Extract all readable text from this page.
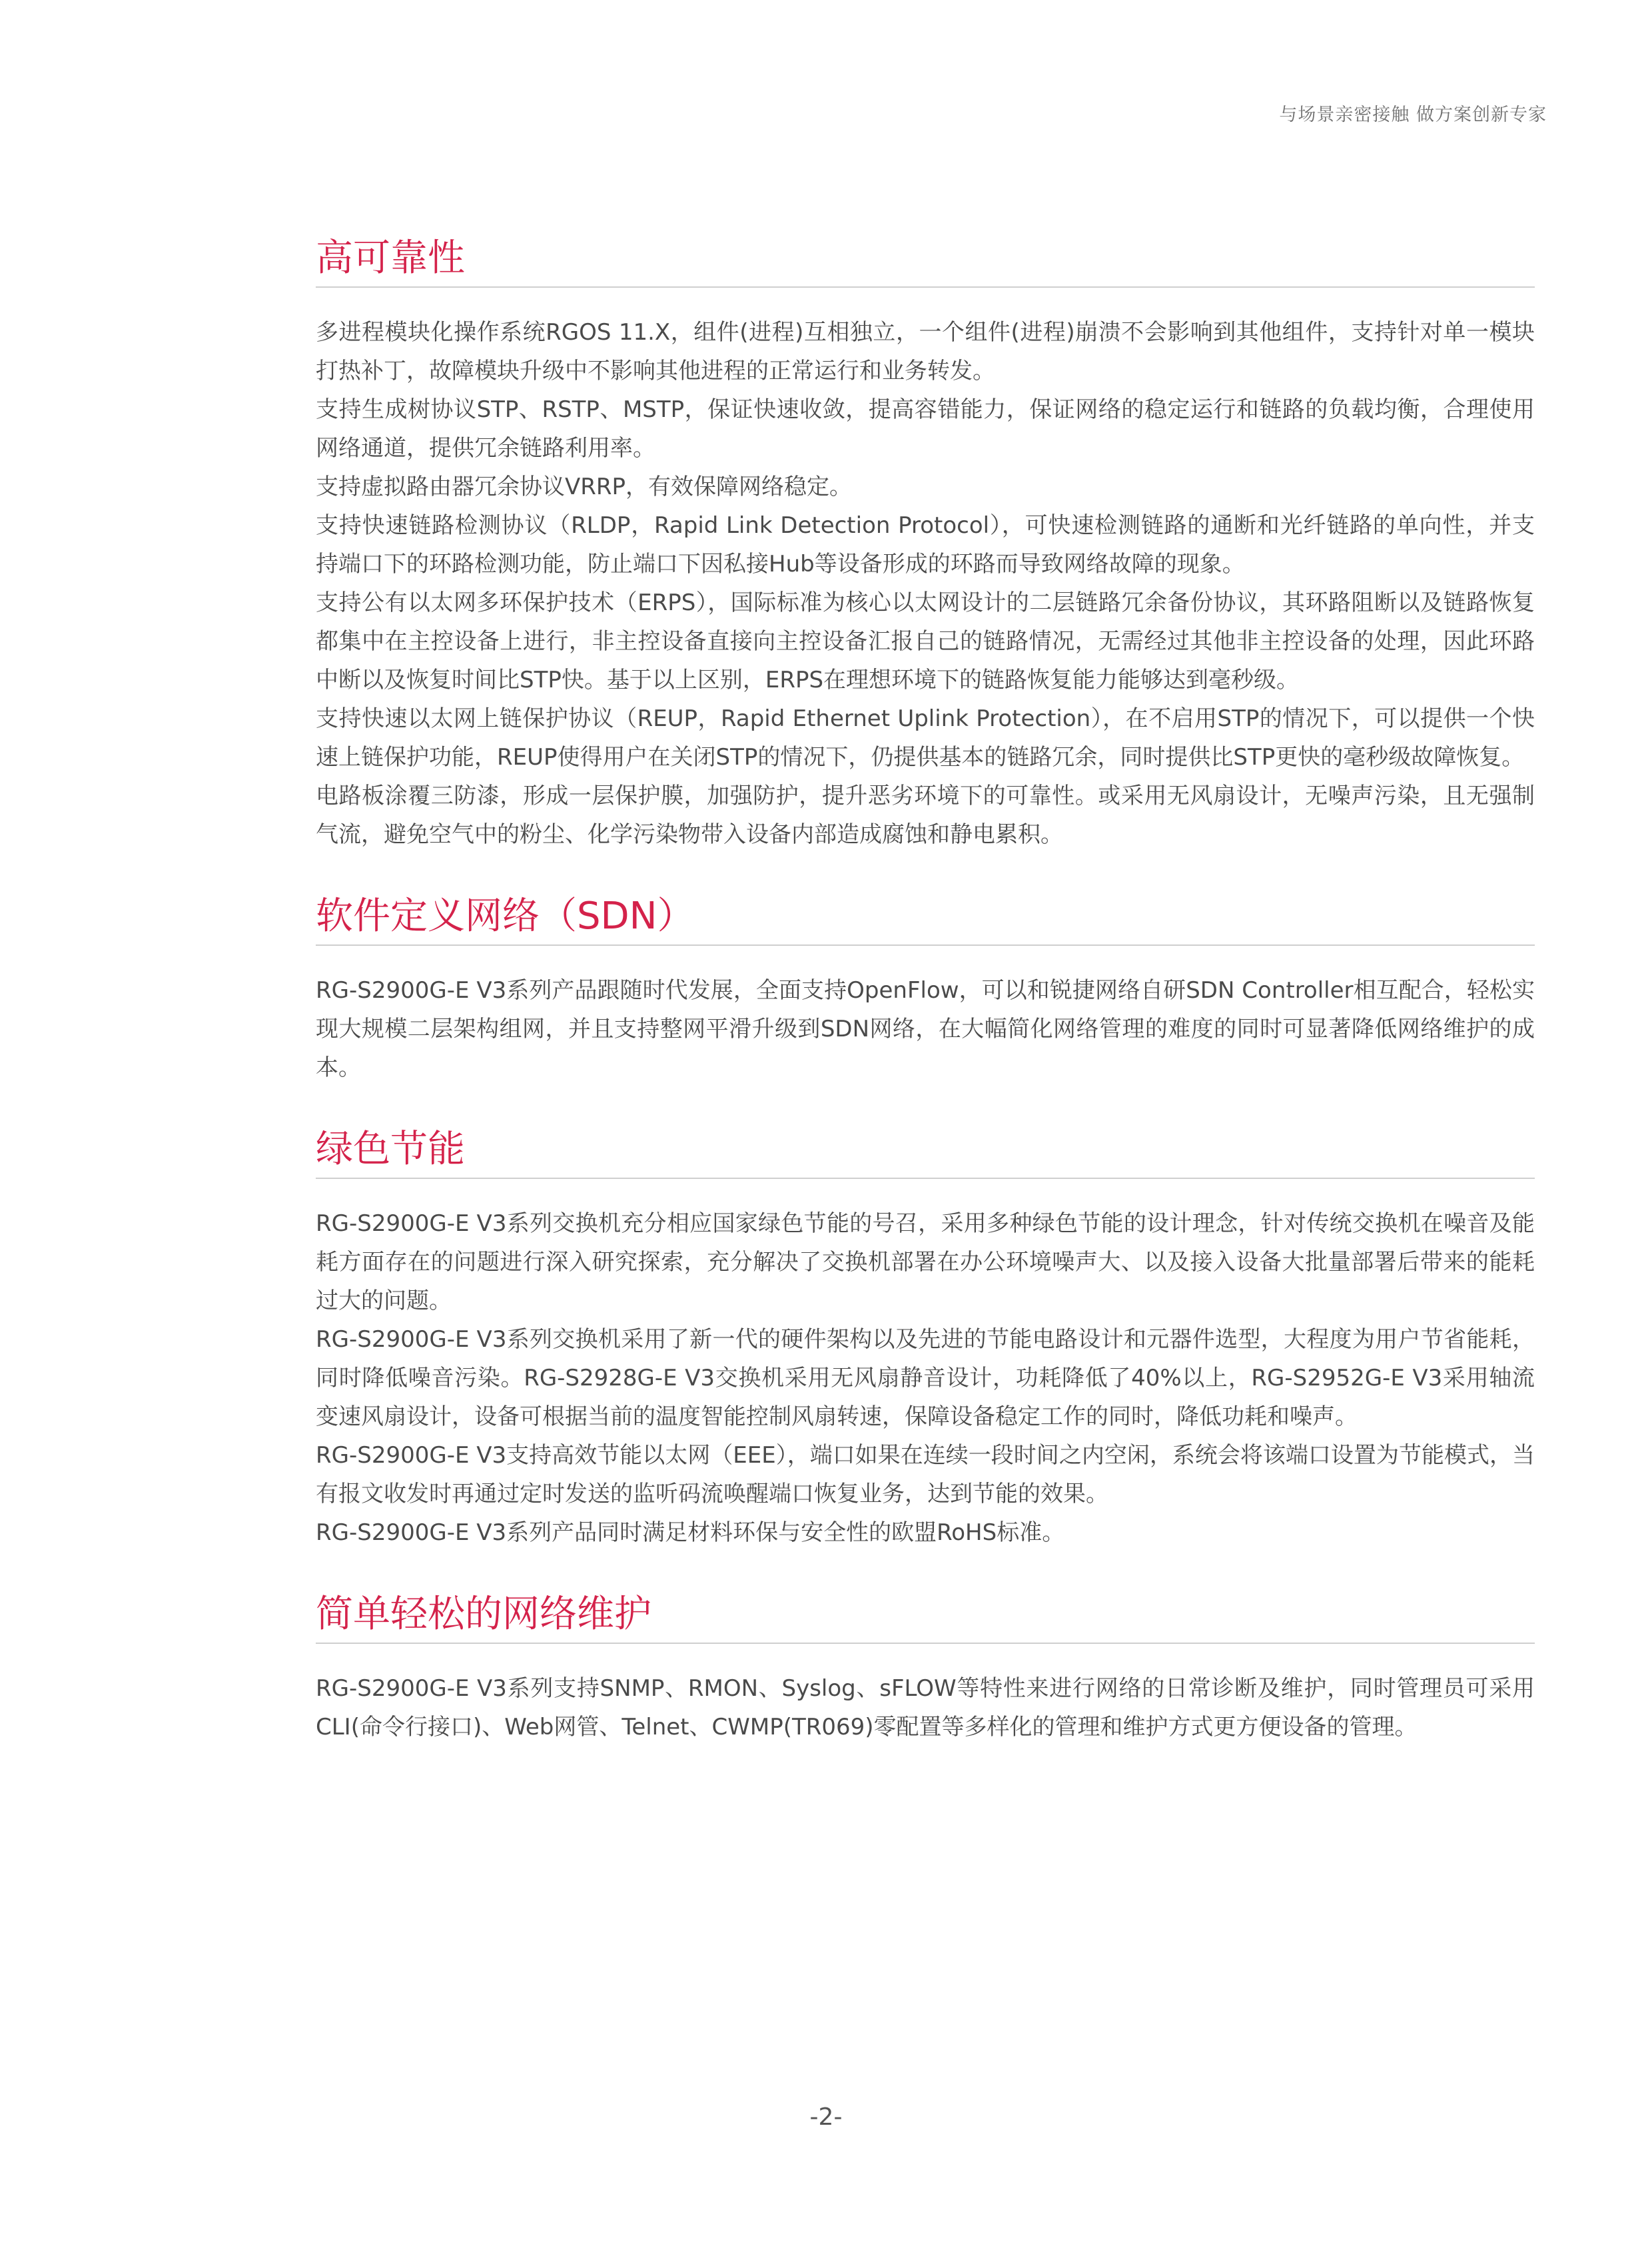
与场景亲密接触 做方案创新专家

高可靠性

多进程模块化操作系统RGOS 11.X，组件(进程)互相独立，一个组件(进程)崩溃不会影响到其他组件，支持针对单一模块打热补丁，故障模块升级中不影响其他进程的正常运行和业务转发。

支持生成树协议STP、RSTP、MSTP，保证快速收敛，提高容错能力，保证网络的稳定运行和链路的负载均衡，合理使用网络通道，提供冗余链路利用率。

支持虚拟路由器冗余协议VRRP，有效保障网络稳定。

支持快速链路检测协议（RLDP，Rapid Link Detection Protocol），可快速检测链路的通断和光纤链路的单向性，并支持端口下的环路检测功能，防止端口下因私接Hub等设备形成的环路而导致网络故障的现象。

支持公有以太网多环保护技术（ERPS），国际标准为核心以太网设计的二层链路冗余备份协议，其环路阻断以及链路恢复都集中在主控设备上进行，非主控设备直接向主控设备汇报自己的链路情况，无需经过其他非主控设备的处理，因此环路中断以及恢复时间比STP快。基于以上区别，ERPS在理想环境下的链路恢复能力能够达到毫秒级。

支持快速以太网上链保护协议（REUP，Rapid Ethernet Uplink Protection），在不启用STP的情况下，可以提供一个快速上链保护功能，REUP使得用户在关闭STP的情况下，仍提供基本的链路冗余，同时提供比STP更快的毫秒级故障恢复。

电路板涂覆三防漆，形成一层保护膜，加强防护，提升恶劣环境下的可靠性。或采用无风扇设计，无噪声污染，且无强制气流，避免空气中的粉尘、化学污染物带入设备内部造成腐蚀和静电累积。

软件定义网络（SDN）

RG-S2900G-E V3系列产品跟随时代发展，全面支持OpenFlow，可以和锐捷网络自研SDN Controller相互配合，轻松实现大规模二层架构组网，并且支持整网平滑升级到SDN网络，在大幅简化网络管理的难度的同时可显著降低网络维护的成本。

绿色节能

RG-S2900G-E V3系列交换机充分相应国家绿色节能的号召，采用多种绿色节能的设计理念，针对传统交换机在噪音及能耗方面存在的问题进行深入研究探索，充分解决了交换机部署在办公环境噪声大、以及接入设备大批量部署后带来的能耗过大的问题。

RG-S2900G-E V3系列交换机采用了新一代的硬件架构以及先进的节能电路设计和元器件选型，大程度为用户节省能耗，同时降低噪音污染。RG-S2928G-E V3交换机采用无风扇静音设计，功耗降低了40%以上，RG-S2952G-E V3采用轴流变速风扇设计，设备可根据当前的温度智能控制风扇转速，保障设备稳定工作的同时，降低功耗和噪声。

RG-S2900G-E V3支持高效节能以太网（EEE），端口如果在连续一段时间之内空闲，系统会将该端口设置为节能模式，当有报文收发时再通过定时发送的监听码流唤醒端口恢复业务，达到节能的效果。

RG-S2900G-E V3系列产品同时满足材料环保与安全性的欧盟RoHS标准。

简单轻松的网络维护

RG-S2900G-E V3系列支持SNMP、RMON、Syslog、sFLOW等特性来进行网络的日常诊断及维护，同时管理员可采用CLI(命令行接口)、Web网管、Telnet、CWMP(TR069)零配置等多样化的管理和维护方式更方便设备的管理。

-2-
